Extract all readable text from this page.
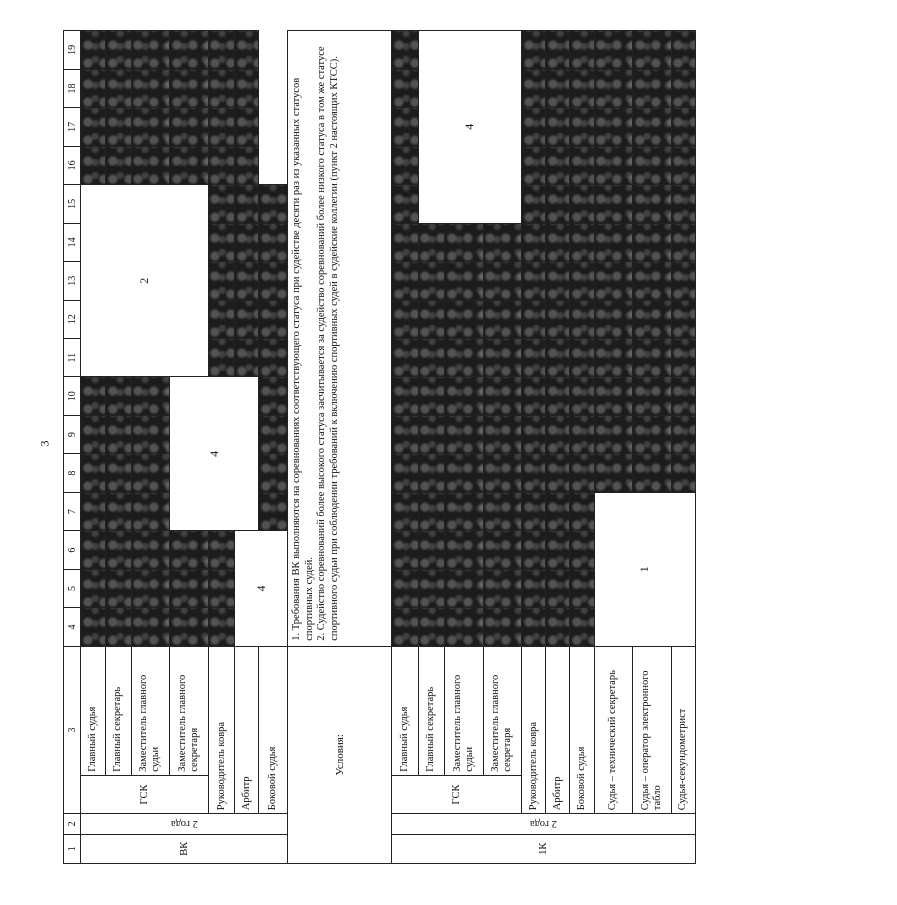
3
1	2	3		4	5	6	7	8	9	10	11	12	13	14	15	16	17	18	19
ВК	2 года	ГСК	Главный судья								2								
			Главный секретарь																
			Заместитель главного судьи																
			Заместитель главного секретаря				4												
		Руководитель ковра																	
		Арбитр		4															
		Боковой судья																	
Условия:				1. Требования ВК выполняются на соревнованиях соответствующего статуса при судействе десяти раз из указанных статусов спортивных судей. 2. Судейство соревнований более высокого статуса засчитывается за судейство соревнований более низкого статуса в том же статусе спортивного судьи при соблюдении требований к включению спортивных судей в судейские коллегии (пункт 2 настоящих КТСС).															

1К	2 года	ГСК	Главный судья																
			Главный секретарь												4				
			Заместитель главного судьи																
			Заместитель главного секретаря																
		Руководитель ковра																	
		Арбитр																	
		Боковой судья																	
		Судья – технический секретарь		1															
		Судья – оператор электронного табло																	
		Судья-секундометрист																	
